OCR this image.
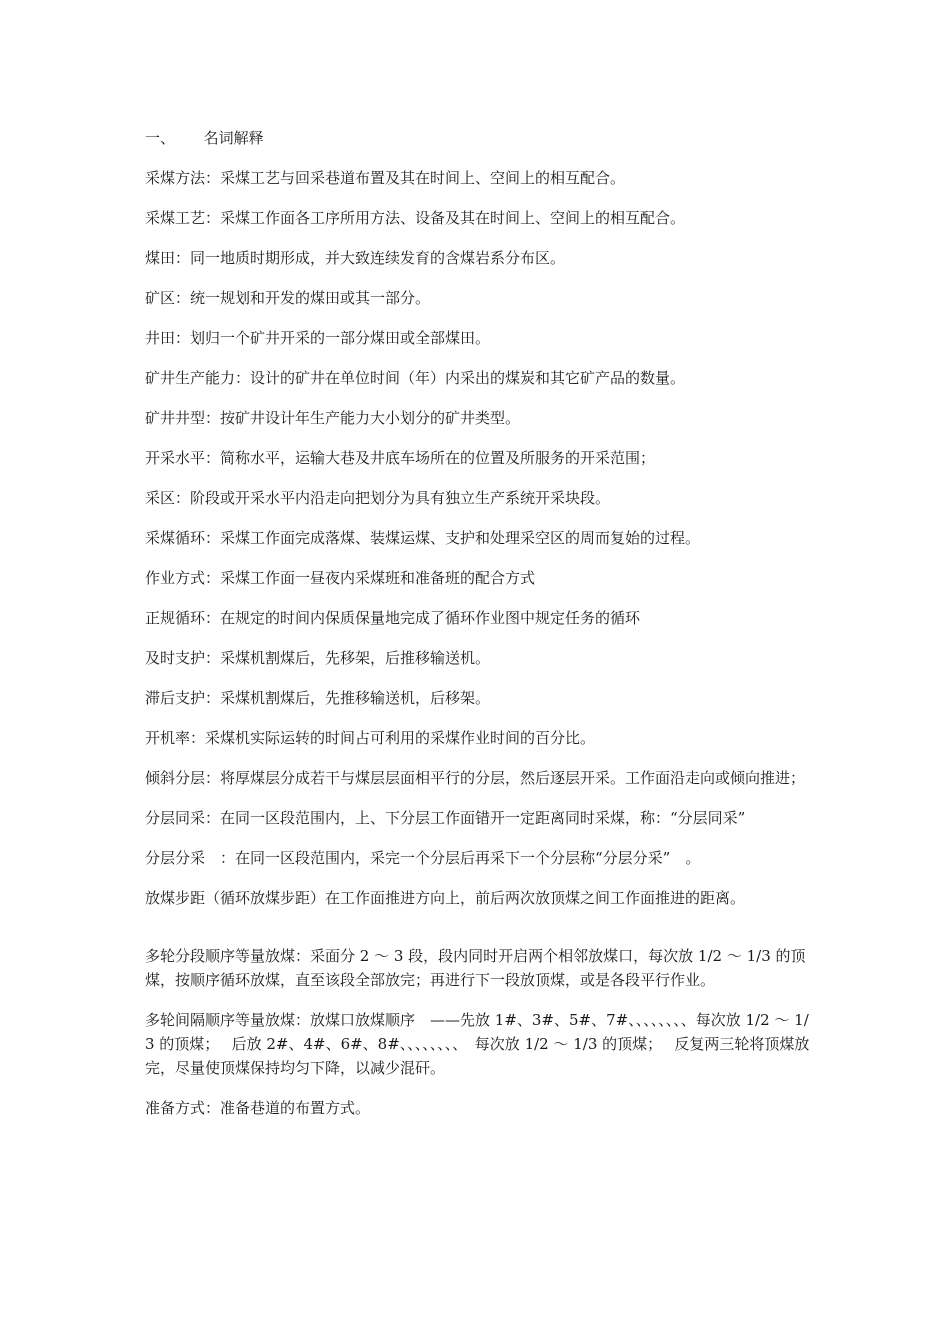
一、 名词解释

采煤方法：采煤工艺与回采巷道布置及其在时间上、空间上的相互配合。

采煤工艺：采煤工作面各工序所用方法、设备及其在时间上、空间上的相互配合。

煤田：同一地质时期形成，并大致连续发育的含煤岩系分布区。

矿区：统一规划和开发的煤田或其一部分。

井田：划归一个矿井开采的一部分煤田或全部煤田。

矿井生产能力：设计的矿井在单位时间（年）内采出的煤炭和其它矿产品的数量。

矿井井型：按矿井设计年生产能力大小划分的矿井类型。

开采水平：简称水平，运输大巷及井底车场所在的位置及所服务的开采范围；

采区：阶段或开采水平内沿走向把划分为具有独立生产系统开采块段。

采煤循环：采煤工作面完成落煤、装煤运煤、支护和处理采空区的周而复始的过程。

作业方式：采煤工作面一昼夜内采煤班和准备班的配合方式

正规循环：在规定的时间内保质保量地完成了循环作业图中规定任务的循环

及时支护：采煤机割煤后，先移架，后推移输送机。

滞后支护：采煤机割煤后，先推移输送机，后移架。

开机率：采煤机实际运转的时间占可利用的采煤作业时间的百分比。

倾斜分层：将厚煤层分成若干与煤层层面相平行的分层，然后逐层开采。工作面沿走向或倾向推进；

分层同采：在同一区段范围内，上、下分层工作面错开一定距离同时采煤，称：“分层同采”

分层分采　：在同一区段范围内，采完一个分层后再采下一个分层称“分层分采”　。

放煤步距（循环放煤步距）在工作面推进方向上，前后两次放顶煤之间工作面推进的距离。

多轮分段顺序等量放煤：采面分 2 ～ 3 段，段内同时开启两个相邻放煤口，每次放 1/2 ～ 1/3 的顶煤，按顺序循环放煤，直至该段全部放完；再进行下一段放顶煤，或是各段平行作业。

多轮间隔顺序等量放煤：放煤口放煤顺序　——先放 1#、3#、5#、7#、、、、、、、、每次放 1/2 ～ 1/3 的顶煤；　 后放 2#、4#、6#、8#、、、、、、、、　每次放 1/2 ～ 1/3 的顶煤；　 反复两三轮将顶煤放完，尽量使顶煤保持均匀下降，以减少混矸。

准备方式：准备巷道的布置方式。
